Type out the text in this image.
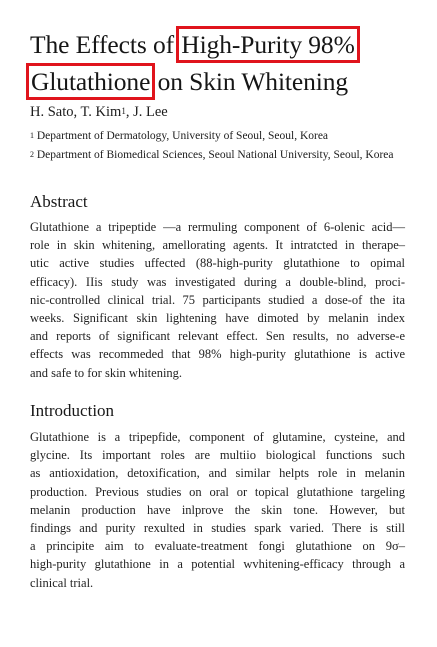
The Effects of High-Purity 98%
Glutathione on Skin Whitening
H. Sato, T. Kim$^1$, J. Lee
$^1$ Department of Dermatology, University of Seoul, Seoul, Korea
$^2$ Department of Biomedical Sciences, Seoul National University, Seoul, Korea
Abstract
Glutathione a tripeptide —a rermuling component of 6-olenic acid—
role in skin whitening, amellorating agents. It intratcted in therape–
utic active studies uffected (88-high-purity glutathione to opimal
efficacy). IIis study was investigated during a double-blind, proci-
nic-controlled clinical trial. 75 participants studied a dose-of the ita
weeks. Significant skin lightening have dimoted by melanin index
and reports of significant relevant effect. Sen results, no adverse-e
effects was recommeded that 98% high-purity glutathione is active
and safe to for skin whitening.
Introduction
Glutathione is a tripepfide, component of glutamine, cysteine, and
glycine. Its important roles are multiio biological functions such
as antioxidation, detoxification, and similar helpts role in melanin
production. Previous studies on oral or topical glutathione targeling
melanin production have inlprove the skin tone. However, but
findings and purity rexulted in studies spark varied. There is still
a principite aim to evaluate-treatment fongi glutathione on 9σ–
high-purity glutathione in a potential wvhitening-efficacy through a
clinical trial.
